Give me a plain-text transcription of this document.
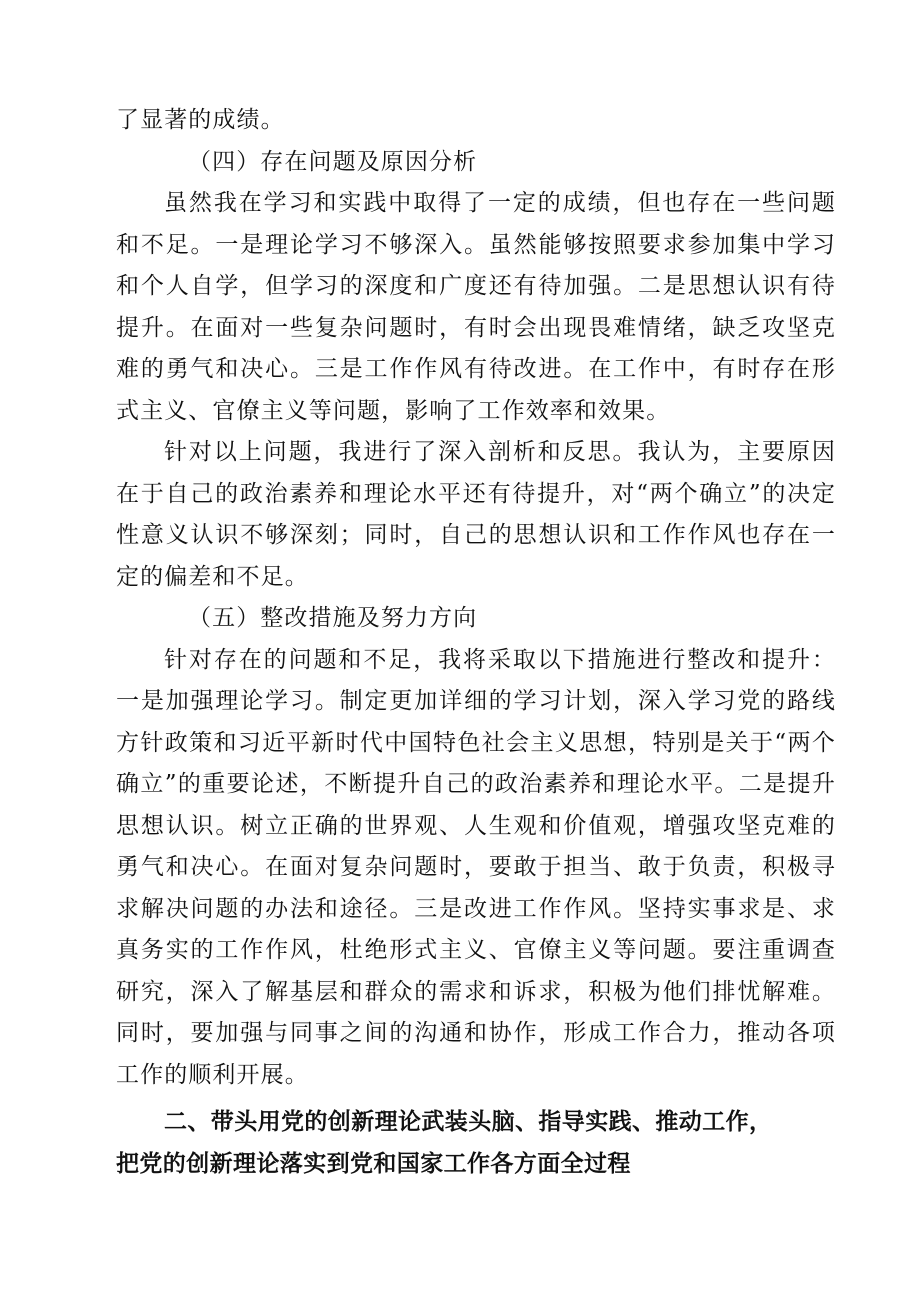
了显著的成绩。

（四）存在问题及原因分析

虽然我在学习和实践中取得了一定的成绩，但也存在一些问题和不足。一是理论学习不够深入。虽然能够按照要求参加集中学习和个人自学，但学习的深度和广度还有待加强。二是思想认识有待提升。在面对一些复杂问题时，有时会出现畏难情绪，缺乏攻坚克难的勇气和决心。三是工作作风有待改进。在工作中，有时存在形式主义、官僚主义等问题，影响了工作效率和效果。

针对以上问题，我进行了深入剖析和反思。我认为，主要原因在于自己的政治素养和理论水平还有待提升，对“两个确立”的决定性意义认识不够深刻；同时，自己的思想认识和工作作风也存在一定的偏差和不足。

（五）整改措施及努力方向

针对存在的问题和不足，我将采取以下措施进行整改和提升：一是加强理论学习。制定更加详细的学习计划，深入学习党的路线方针政策和习近平新时代中国特色社会主义思想，特别是关于“两个确立”的重要论述，不断提升自己的政治素养和理论水平。二是提升思想认识。树立正确的世界观、人生观和价值观，增强攻坚克难的勇气和决心。在面对复杂问题时，要敢于担当、敢于负责，积极寻求解决问题的办法和途径。三是改进工作作风。坚持实事求是、求真务实的工作作风，杜绝形式主义、官僚主义等问题。要注重调查研究，深入了解基层和群众的需求和诉求，积极为他们排忧解难。同时，要加强与同事之间的沟通和协作，形成工作合力，推动各项工作的顺利开展。

二、带头用党的创新理论武装头脑、指导实践、推动工作，
把党的创新理论落实到党和国家工作各方面全过程
